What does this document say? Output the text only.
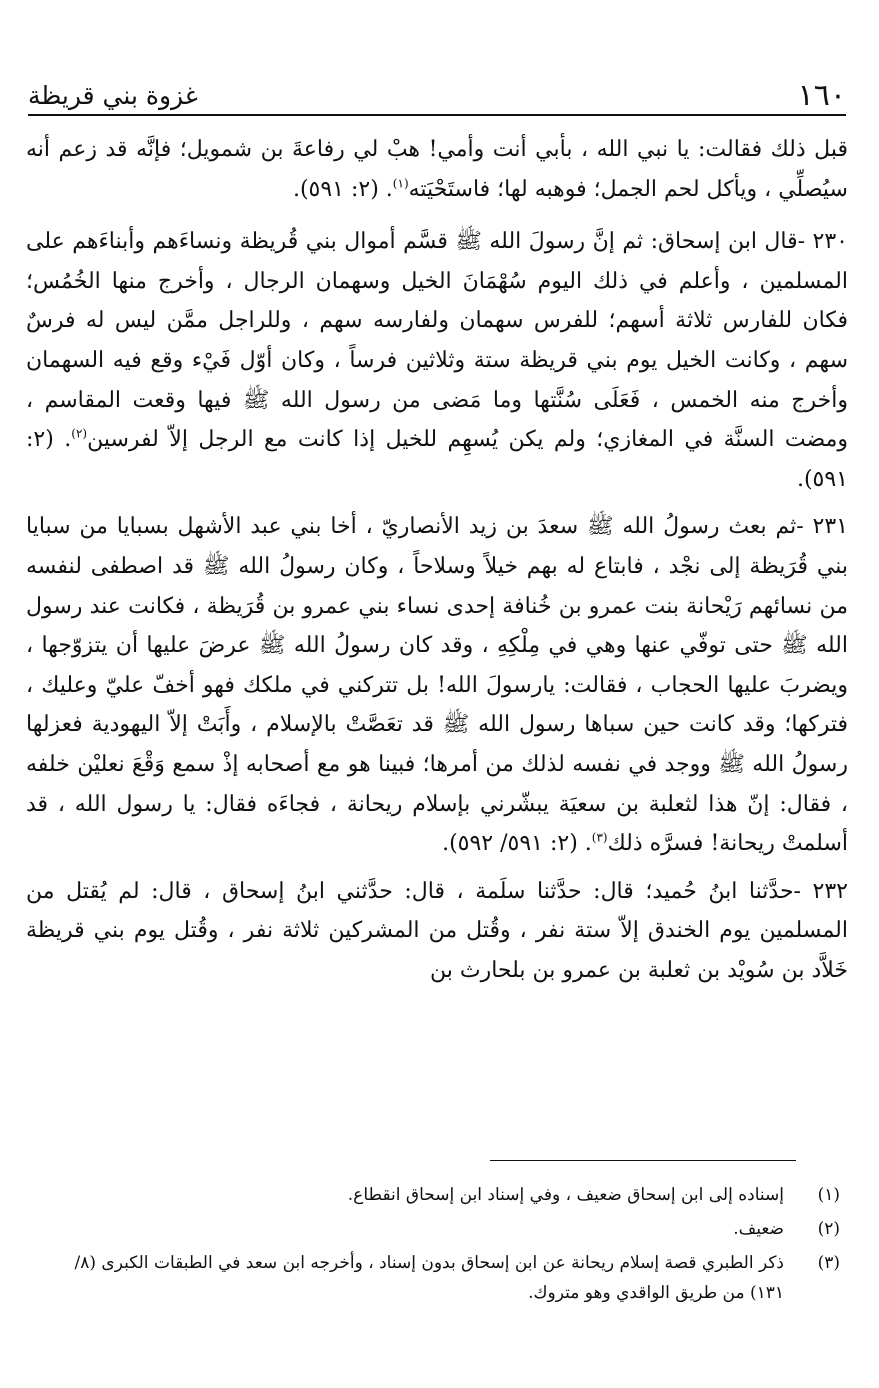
١٦٠
غزوة بني قريظة

قبل ذلك فقالت: يا نبي الله ، بأبي أنت وأمي! هبْ لي رفاعةَ بن شمويل؛ فإنَّه قد زعم أنه سيُصلِّي ، ويأكل لحم الجمل؛ فوهبه لها؛ فاستَحْيَته$^{(١)}$. (٢: ٥٩١).

٢٣٠ -قال ابن إسحاق: ثم إنَّ رسولَ الله ﷺ قسَّم أموال بني قُريظة ونساءَهم وأبناءَهم على المسلمين ، وأعلم في ذلك اليوم سُهْمَانَ الخيل وسهمان الرجال ، وأخرج منها الخُمُس؛ فكان للفارس ثلاثة أسهم؛ للفرس سهمان ولفارسه سهم ، وللراجل ممَّن ليس له فرسٌ سهم ، وكانت الخيل يوم بني قريظة ستة وثلاثين فرساً ، وكان أوّل فَيْء وقع فيه السهمان وأخرج منه الخمس ، فَعَلَى سُنَّتها وما مَضى من رسول الله ﷺ فيها وقعت المقاسم ، ومضت السنَّة في المغازي؛ ولم يكن يُسهِم للخيل إذا كانت مع الرجل إلاّ لفرسين$^{(٢)}$. (٢: ٥٩١).

٢٣١ -ثم بعث رسولُ الله ﷺ سعدَ بن زيد الأنصاريّ ، أخا بني عبد الأشهل بسبايا من سبايا بني قُرَيظة إلى نجْد ، فابتاع له بهم خيلاً وسلاحاً ، وكان رسولُ الله ﷺ قد اصطفى لنفسه من نسائهم رَيْحانة بنت عمرو بن خُنافة إحدى نساء بني عمرو بن قُرَيظة ، فكانت عند رسول الله ﷺ حتى توفّي عنها وهي في مِلْكِهِ ، وقد كان رسولُ الله ﷺ عرضَ عليها أن يتزوّجها ، ويضربَ عليها الحجاب ، فقالت: يارسولَ الله! بل تتركني في ملكك فهو أخفّ عليّ وعليك ، فتركها؛ وقد كانت حين سباها رسول الله ﷺ قد تعَصَّتْ بالإسلام ، وأَبَتْ إلاّ اليهودية فعزلها رسولُ الله ﷺ ووجد في نفسه لذلك من أمرها؛ فبينا هو مع أصحابه إذْ سمع وَقْعَ نعليْن خلفه ، فقال: إنّ هذا لثعلبة بن سعيَة يبشّرني بإسلام ريحانة ، فجاءَه فقال: يا رسول الله ، قد أسلمتْ ريحانة! فسرَّه ذلك$^{(٣)}$. (٢: ٥٩١/ ٥٩٢).

٢٣٢ -حدَّثنا ابنُ حُميد؛ قال: حدَّثنا سلَمة ، قال: حدَّثني ابنُ إسحاق ، قال: لم يُقتل من المسلمين يوم الخندق إلاّ ستة نفر ، وقُتل من المشركين ثلاثة نفر ، وقُتل يوم بني قريظة خَلاَّد بن سُويْد بن ثعلبة بن عمرو بن بلحارث بن

(١)
إسناده إلى ابن إسحاق ضعيف ، وفي إسناد ابن إسحاق انقطاع.
(٢)
ضعيف.
(٣)
ذكر الطبري قصة إسلام ريحانة عن ابن إسحاق بدون إسناد ، وأخرجه ابن سعد في الطبقات الكبرى (٨/ ١٣١) من طريق الواقدي وهو متروك.
